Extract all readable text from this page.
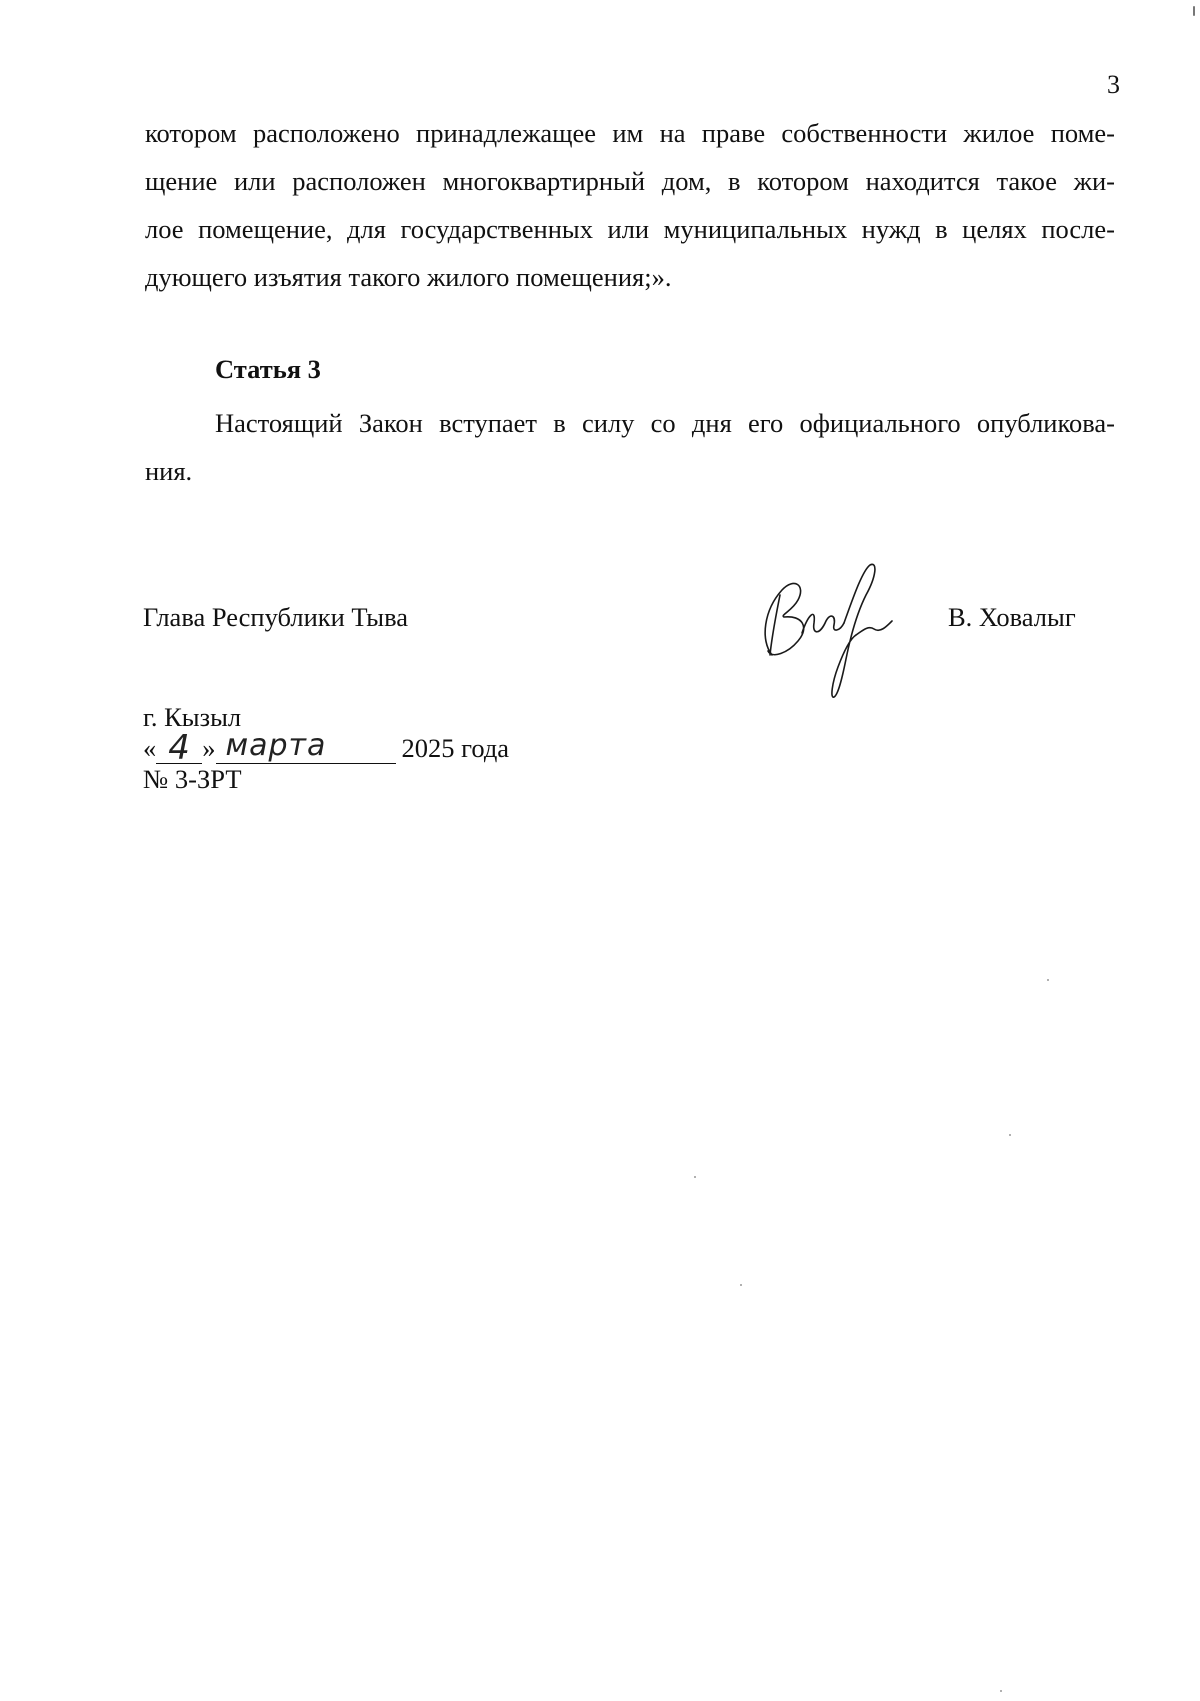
3
котором расположено принадлежащее им на праве собственности жилое поме-
щение или расположен многоквартирный дом, в котором находится такое жи-
лое помещение, для государственных или муниципальных нужд в целях после-
дующего изъятия такого жилого помещения;».
Статья 3
Настоящий Закон вступает в силу со дня его официального опубликова-
ния.
Глава Республики Тыва	В. Ховалыг
г. Кызыл
« 4 » марта	2025 года
№ 3-ЗРТ
